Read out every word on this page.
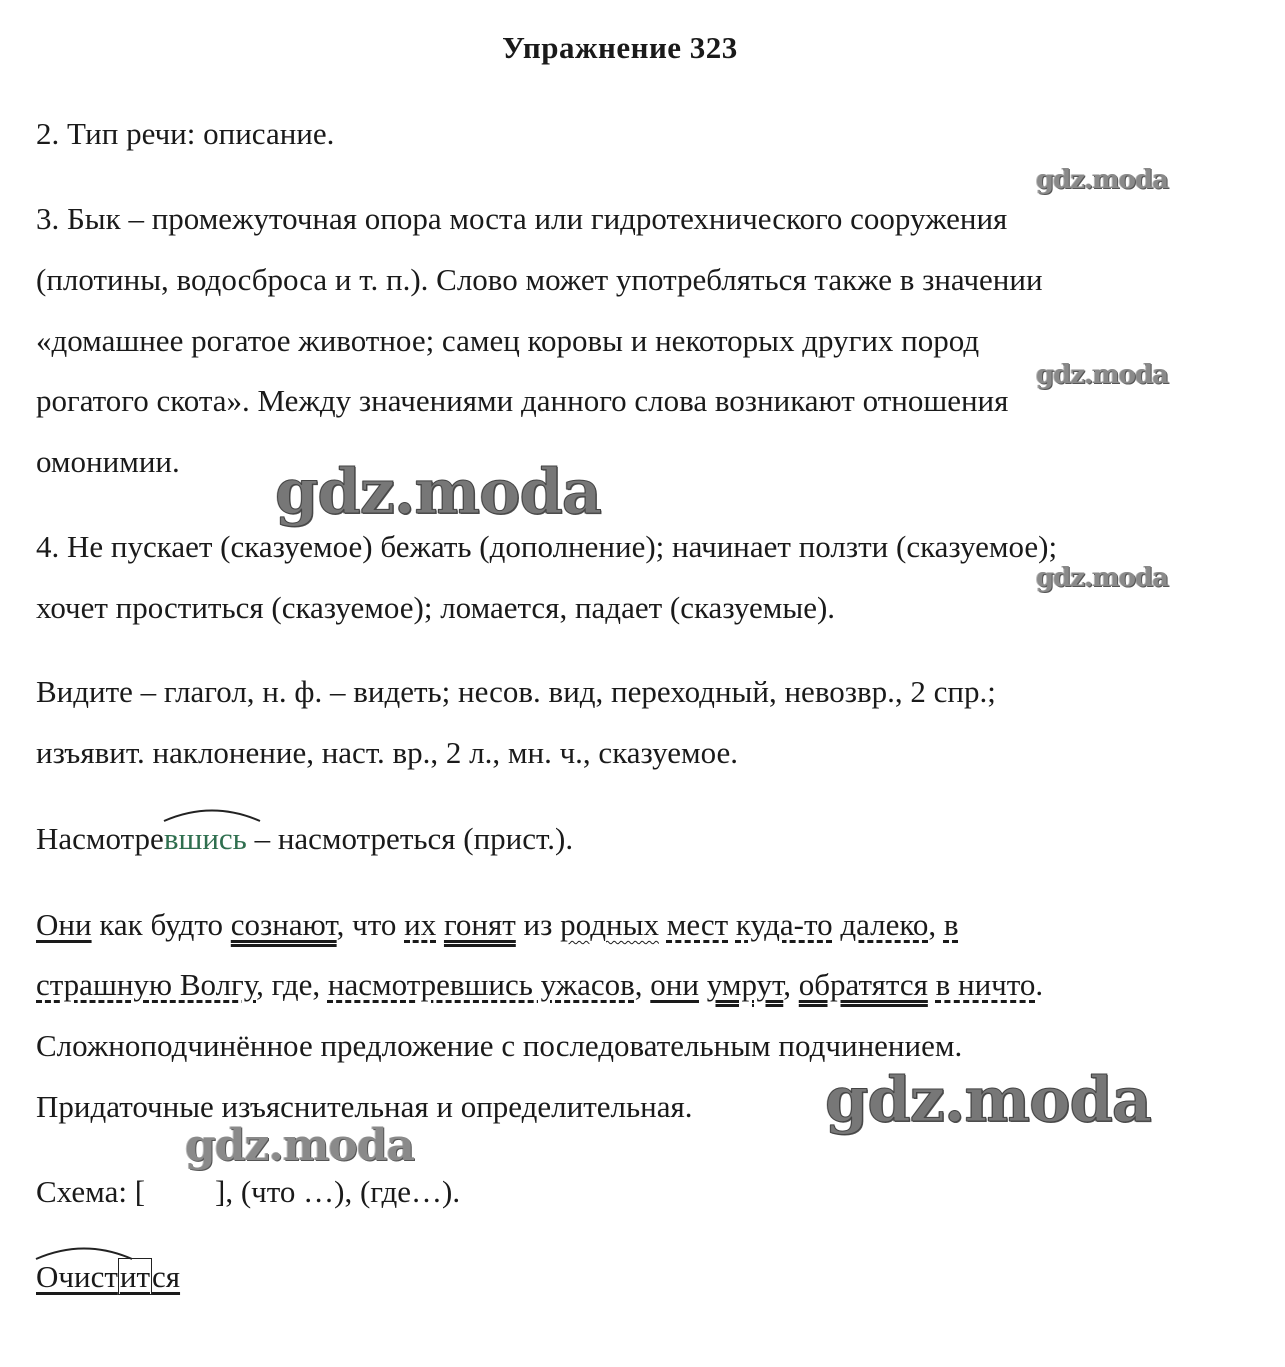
Упражнение 323
2. Тип речи: описание.
3. Бык – промежуточная опора моста или гидротехнического сооружения
(плотины, водосброса и т. п.). Слово может употребляться также в значении
«домашнее рогатое животное; самец коровы и некоторых других пород
рогатого скота». Между значениями данного слова возникают отношения
омонимии.
4. Не пускает (сказуемое) бежать (дополнение); начинает ползти (сказуемое);
хочет проститься (сказуемое); ломается, падает (сказуемые).
Видите – глагол, н. ф. – видеть; несов. вид, переходный, невозвр., 2 спр.;
изъявит. наклонение, наст. вр., 2 л., мн. ч., сказуемое.
Насмотре
вшись – насмотреться (прист.).
Они как будто сознают, что их гонят из родных мест куда-то далеко, в
страшную Волгу, где, насмотревшись ужасов, они умрут, обратятся в ничто.
Сложноподчинённое предложение с последовательным подчинением.
Придаточные изъяснительная и определительная.
Схема: [ ], (что …), (где…).
Очистится
gdz.moda
gdz.moda
gdz.moda
gdz.moda
gdz.moda
gdz.moda
